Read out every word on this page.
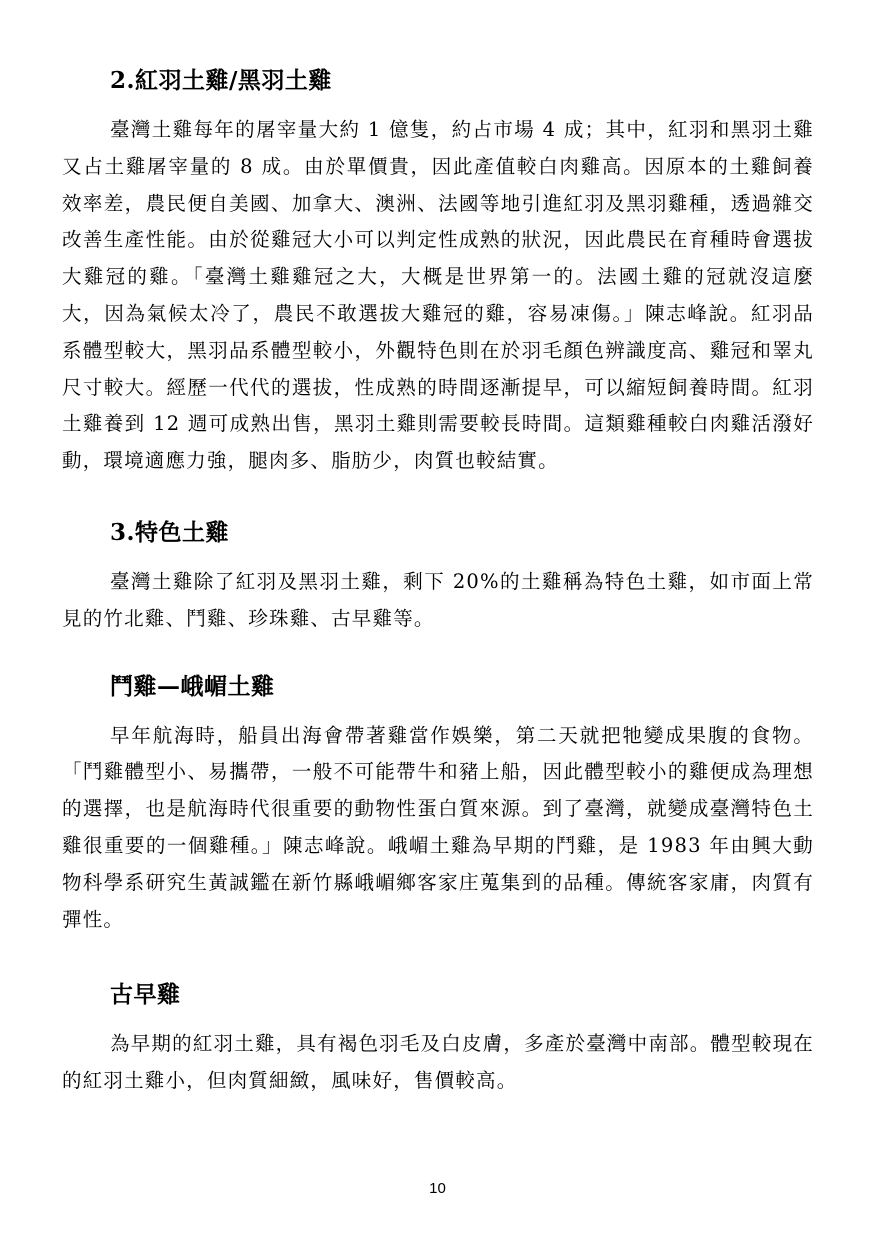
2.紅羽土雞/黑羽土雞

臺灣土雞每年的屠宰量大約 1 億隻，約占市場 4 成；其中，紅羽和黑羽土雞又占土雞屠宰量的 8 成。由於單價貴，因此產值較白肉雞高。因原本的土雞飼養效率差，農民便自美國、加拿大、澳洲、法國等地引進紅羽及黑羽雞種，透過雜交改善生產性能。由於從雞冠大小可以判定性成熟的狀況，因此農民在育種時會選拔大雞冠的雞。「臺灣土雞雞冠之大，大概是世界第一的。法國土雞的冠就沒這麼大，因為氣候太冷了，農民不敢選拔大雞冠的雞，容易凍傷。」陳志峰說。紅羽品系體型較大，黑羽品系體型較小，外觀特色則在於羽毛顏色辨識度高、雞冠和睪丸尺寸較大。經歷一代代的選拔，性成熟的時間逐漸提早，可以縮短飼養時間。紅羽土雞養到 12 週可成熟出售，黑羽土雞則需要較長時間。這類雞種較白肉雞活潑好動，環境適應力強，腿肉多、脂肪少，肉質也較結實。

3.特色土雞

臺灣土雞除了紅羽及黑羽土雞，剩下 20%的土雞稱為特色土雞，如市面上常見的竹北雞、鬥雞、珍珠雞、古早雞等。

鬥雞—峨嵋土雞

早年航海時，船員出海會帶著雞當作娛樂，第二天就把牠變成果腹的食物。「鬥雞體型小、易攜帶，一般不可能帶牛和豬上船，因此體型較小的雞便成為理想的選擇，也是航海時代很重要的動物性蛋白質來源。到了臺灣，就變成臺灣特色土雞很重要的一個雞種。」陳志峰說。峨嵋土雞為早期的鬥雞，是 1983 年由興大動物科學系研究生黃誠鑑在新竹縣峨嵋鄉客家庄蒐集到的品種。傳統客家庸，肉質有彈性。

古早雞

為早期的紅羽土雞，具有褐色羽毛及白皮膚，多產於臺灣中南部。體型較現在的紅羽土雞小，但肉質細緻，風味好，售價較高。

10
